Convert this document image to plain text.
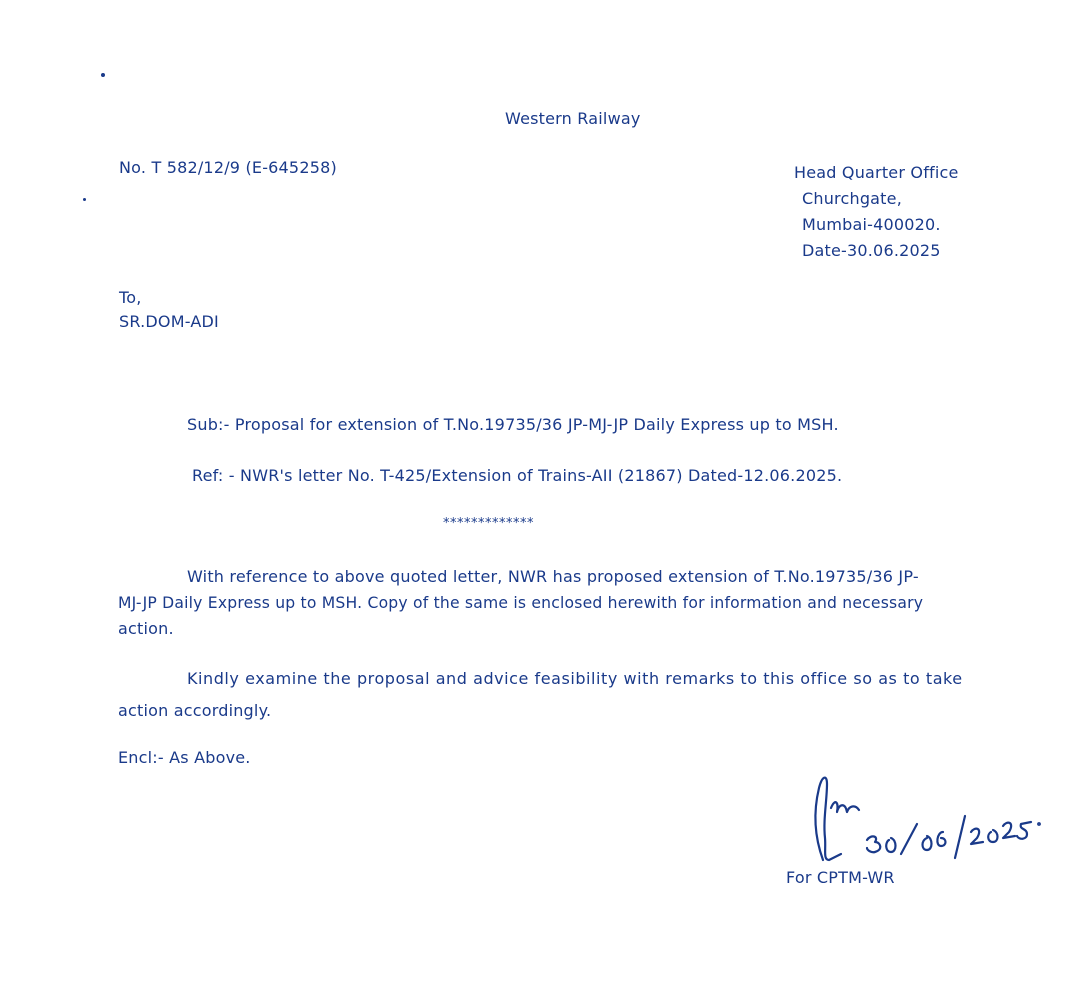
Western Railway
No. T 582/12/9 (E-645258)	Head Quarter Office
Churchgate,
Mumbai-400020.
Date-30.06.2025
To,
SR.DOM-ADI
Sub:- Proposal for extension of T.No.19735/36 JP-MJ-JP Daily Express up to MSH.
Ref: - NWR's letter No. T-425/Extension of Trains-AII (21867) Dated-12.06.2025.
*************
With reference to above quoted letter, NWR has proposed extension of T.No.19735/36 JP-
MJ-JP Daily Express up to MSH. Copy of the same is enclosed herewith for information and necessary
action.
Kindly examine the proposal and advice feasibility with remarks to this office so as to take
action accordingly.
Encl:- As Above.
For CPTM-WR
